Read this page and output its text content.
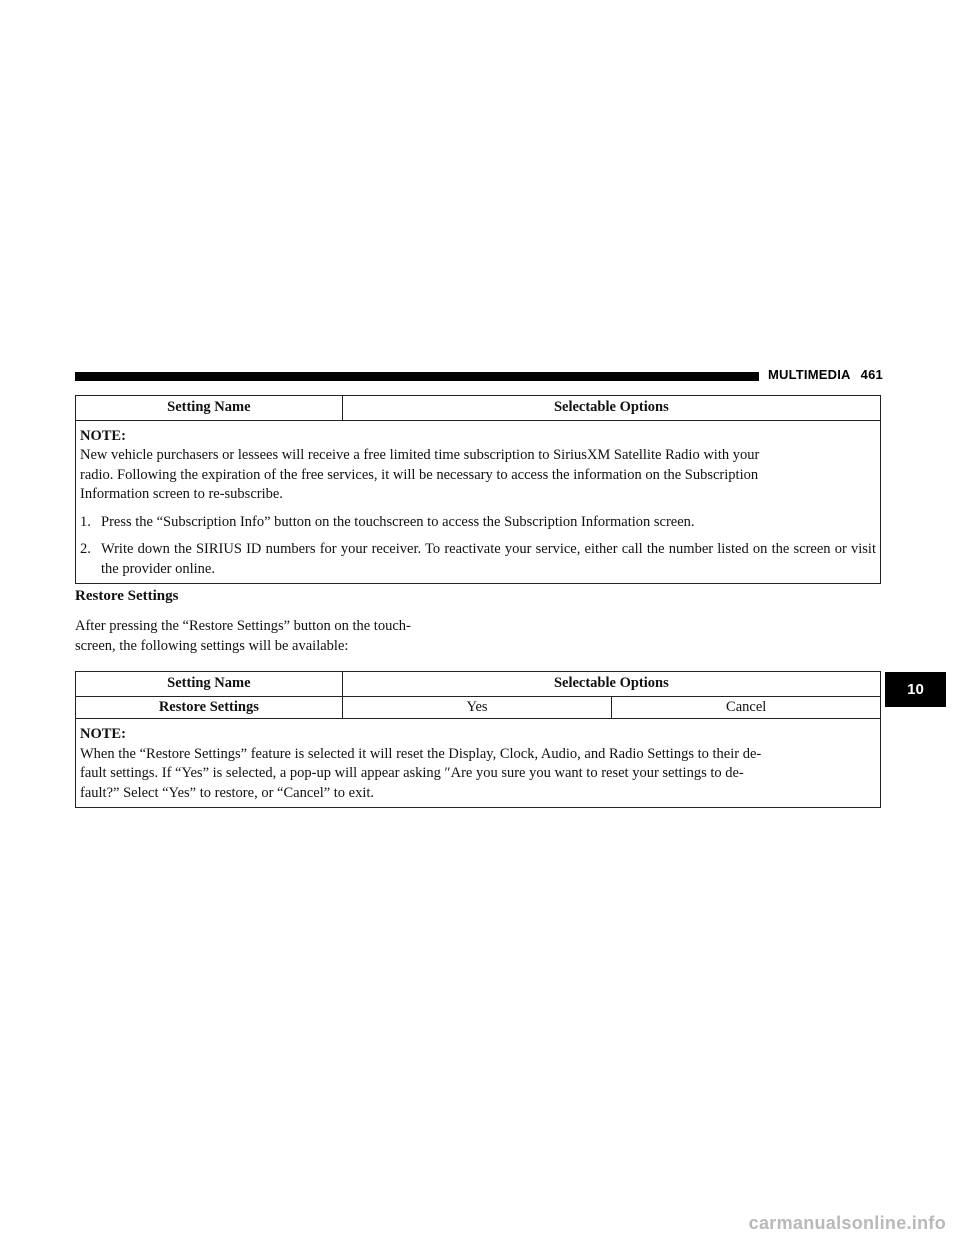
MULTIMEDIA 461
10
Setting Name	Selectable Options

NOTE:
New vehicle purchasers or lessees will receive a free limited time subscription to SiriusXM Satellite Radio with your
radio. Following the expiration of the free services, it will be necessary to access the information on the Subscription
Information screen to re-subscribe.
1. Press the “Subscription Info” button on the touchscreen to access the Subscription Information screen.
2. Write down the SIRIUS ID numbers for your receiver. To reactivate your service, either call the number listed on the screen or visit the provider online.
Restore Settings
After pressing the “Restore Settings” button on the touch-
screen, the following settings will be available:
Setting Name	Selectable Options	
Restore Settings	Yes	Cancel

NOTE:
When the “Restore Settings” feature is selected it will reset the Display, Clock, Audio, and Radio Settings to their de-
fault settings. If “Yes” is selected, a pop-up will appear asking ″Are you sure you want to reset your settings to de-
fault?” Select “Yes” to restore, or “Cancel” to exit.		
carmanualsonline.info
